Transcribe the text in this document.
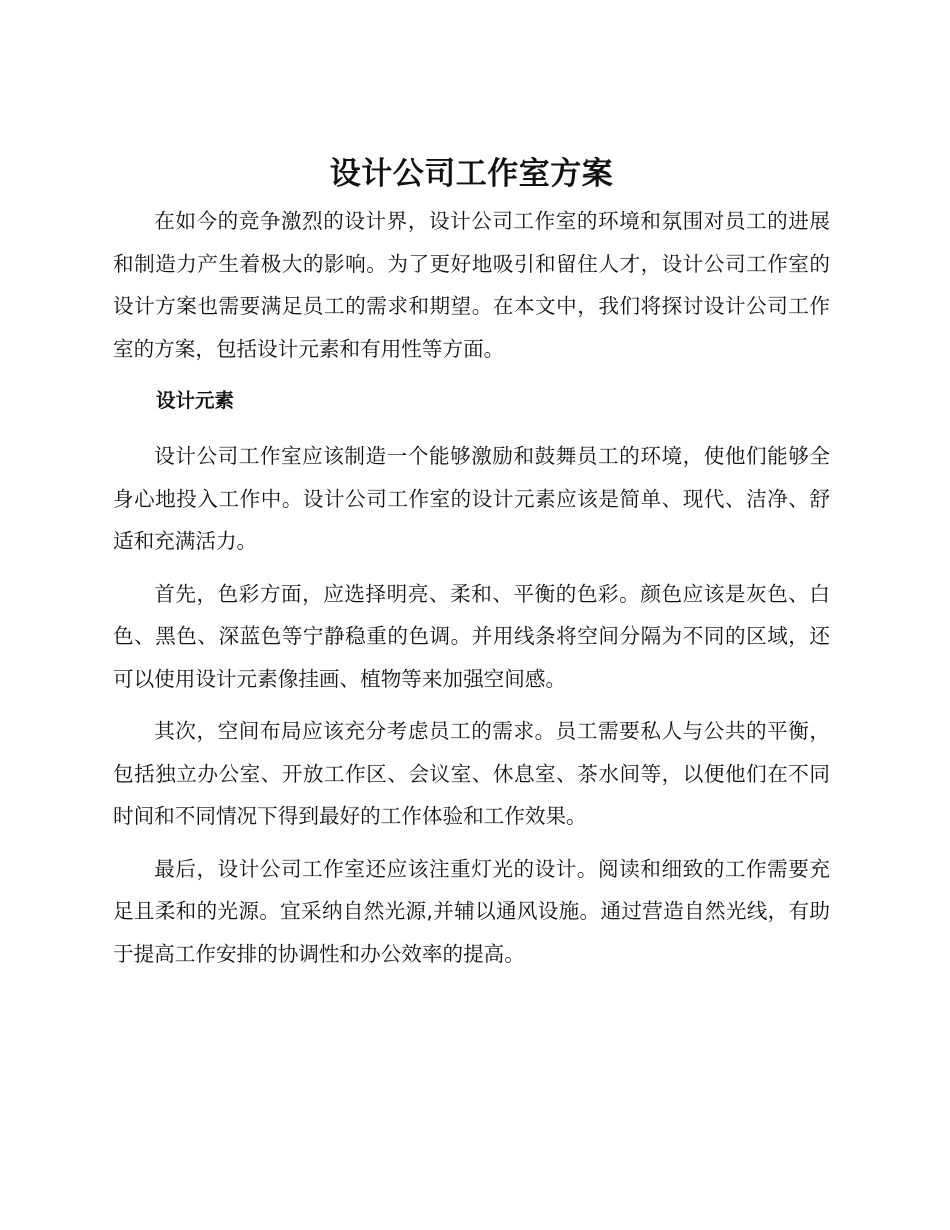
设计公司工作室方案

在如今的竞争激烈的设计界，设计公司工作室的环境和氛围对员工的进展和制造力产生着极大的影响。为了更好地吸引和留住人才，设计公司工作室的设计方案也需要满足员工的需求和期望。在本文中，我们将探讨设计公司工作室的方案，包括设计元素和有用性等方面。

设计元素

设计公司工作室应该制造一个能够激励和鼓舞员工的环境，使他们能够全身心地投入工作中。设计公司工作室的设计元素应该是简单、现代、洁净、舒适和充满活力。

首先，色彩方面，应选择明亮、柔和、平衡的色彩。颜色应该是灰色、白色、黑色、深蓝色等宁静稳重的色调。并用线条将空间分隔为不同的区域，还可以使用设计元素像挂画、植物等来加强空间感。

其次，空间布局应该充分考虑员工的需求。员工需要私人与公共的平衡，包括独立办公室、开放工作区、会议室、休息室、茶水间等，以便他们在不同时间和不同情况下得到最好的工作体验和工作效果。

最后，设计公司工作室还应该注重灯光的设计。阅读和细致的工作需要充足且柔和的光源。宜采纳自然光源,并辅以通风设施。通过营造自然光线，有助于提高工作安排的协调性和办公效率的提高。
